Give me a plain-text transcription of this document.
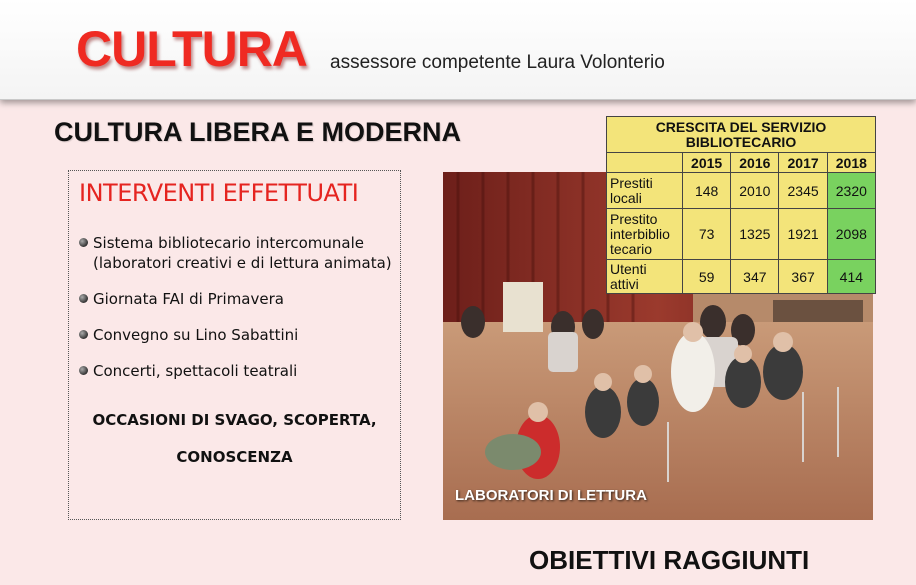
CULTURA assessore competente Laura Volonterio
CULTURA LIBERA E MODERNA
INTERVENTI EFFETTUATI
Sistema bibliotecario intercomunale (laboratori creativi e di lettura animata)
Giornata FAI di Primavera
Convegno su Lino Sabattini
Concerti, spettacoli teatrali
OCCASIONI DI SVAGO, SCOPERTA,
CONOSCENZA
LABORATORI DI LETTURA
CRESCITA DEL SERVIZIO BIBLIOTECARIO				
	2015	2016	2017	2018
Prestiti
locali	148	2010	2345	2320
Prestito
interbiblio
tecario	73	1325	1921	2098
Utenti
attivi	59	347	367	414
OBIETTIVI RAGGIUNTI
